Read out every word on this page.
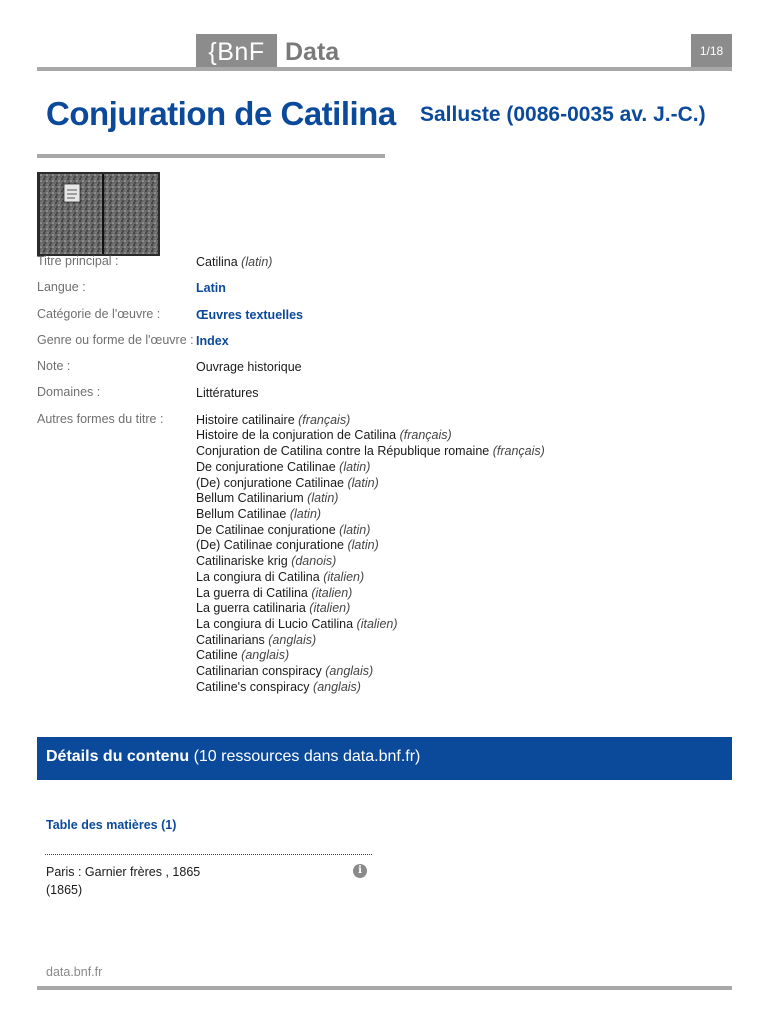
{BnF Data	1/18
Conjuration de Catilina Salluste (0086-0035 av. J.-C.)
Titre principal :	Catilina (latin)
Langue :	Latin
Catégorie de l'œuvre :	Œuvres textuelles
Genre ou forme de l'œuvre : Index
Note :	Ouvrage historique
Domaines :	Littératures
Autres formes du titre :	Histoire catilinaire (français)
Histoire de la conjuration de Catilina (français)
Conjuration de Catilina contre la République romaine (français)
De conjuratione Catilinae (latin)
(De) conjuratione Catilinae (latin)
Bellum Catilinarium (latin)
Bellum Catilinae (latin)
De Catilinae conjuratione (latin)
(De) Catilinae conjuratione (latin)
Catilinariske krig (danois)
La congiura di Catilina (italien)
La guerra di Catilina (italien)
La guerra catilinaria (italien)
La congiura di Lucio Catilina (italien)
Catilinarians (anglais)
Catiline (anglais)
Catilinarian conspiracy (anglais)
Catiline's conspiracy (anglais)
Détails du contenu (10 ressources dans data.bnf.fr)
Table des matières (1)
Paris : Garnier frères , 1865
(1865)
i
data.bnf.fr
